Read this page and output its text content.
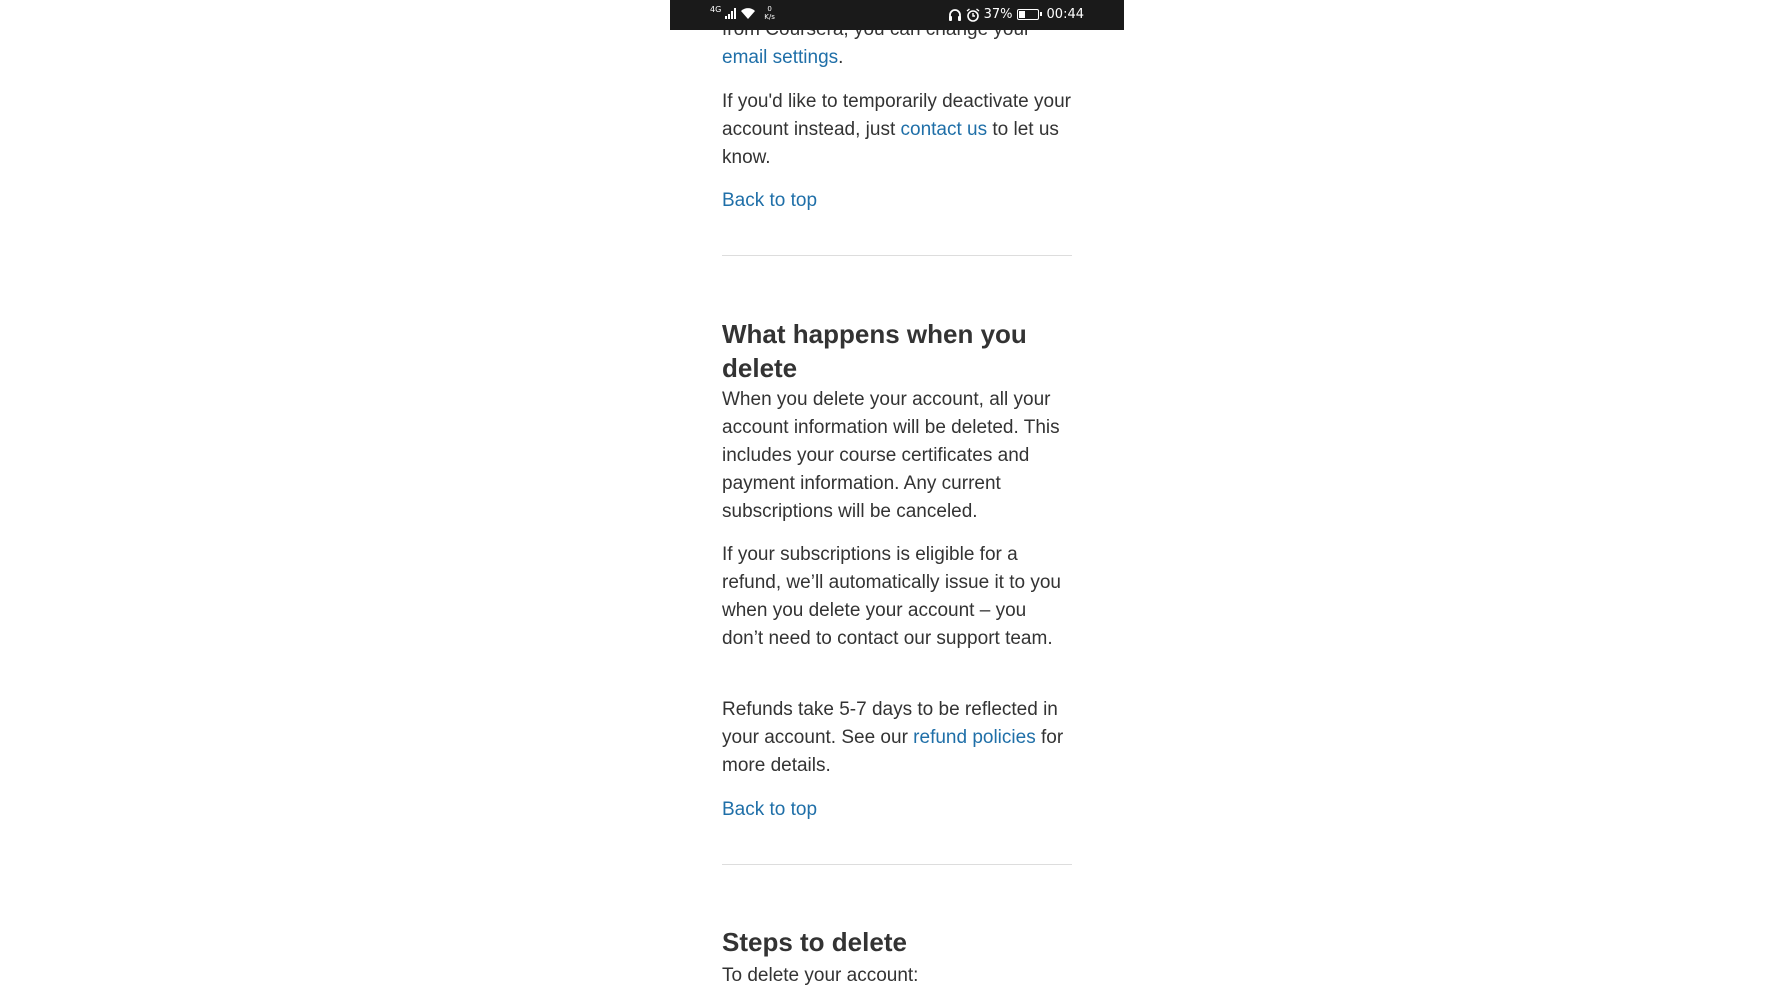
4G	0
K/s	37%	00:44

email settings.

If you'd like to temporarily deactivate your account instead, just contact us to let us know.

Back to top
What happens when you delete

When you delete your account, all your account information will be deleted. This includes your course certificates and payment information. Any current subscriptions will be canceled.

If your subscriptions is eligible for a refund, we’ll automatically issue it to you when you delete your account – you don’t need to contact our support team.

Refunds take 5-7 days to be reflected in your account. See our refund policies for more details.

Back to top
Steps to delete

To delete your account:
